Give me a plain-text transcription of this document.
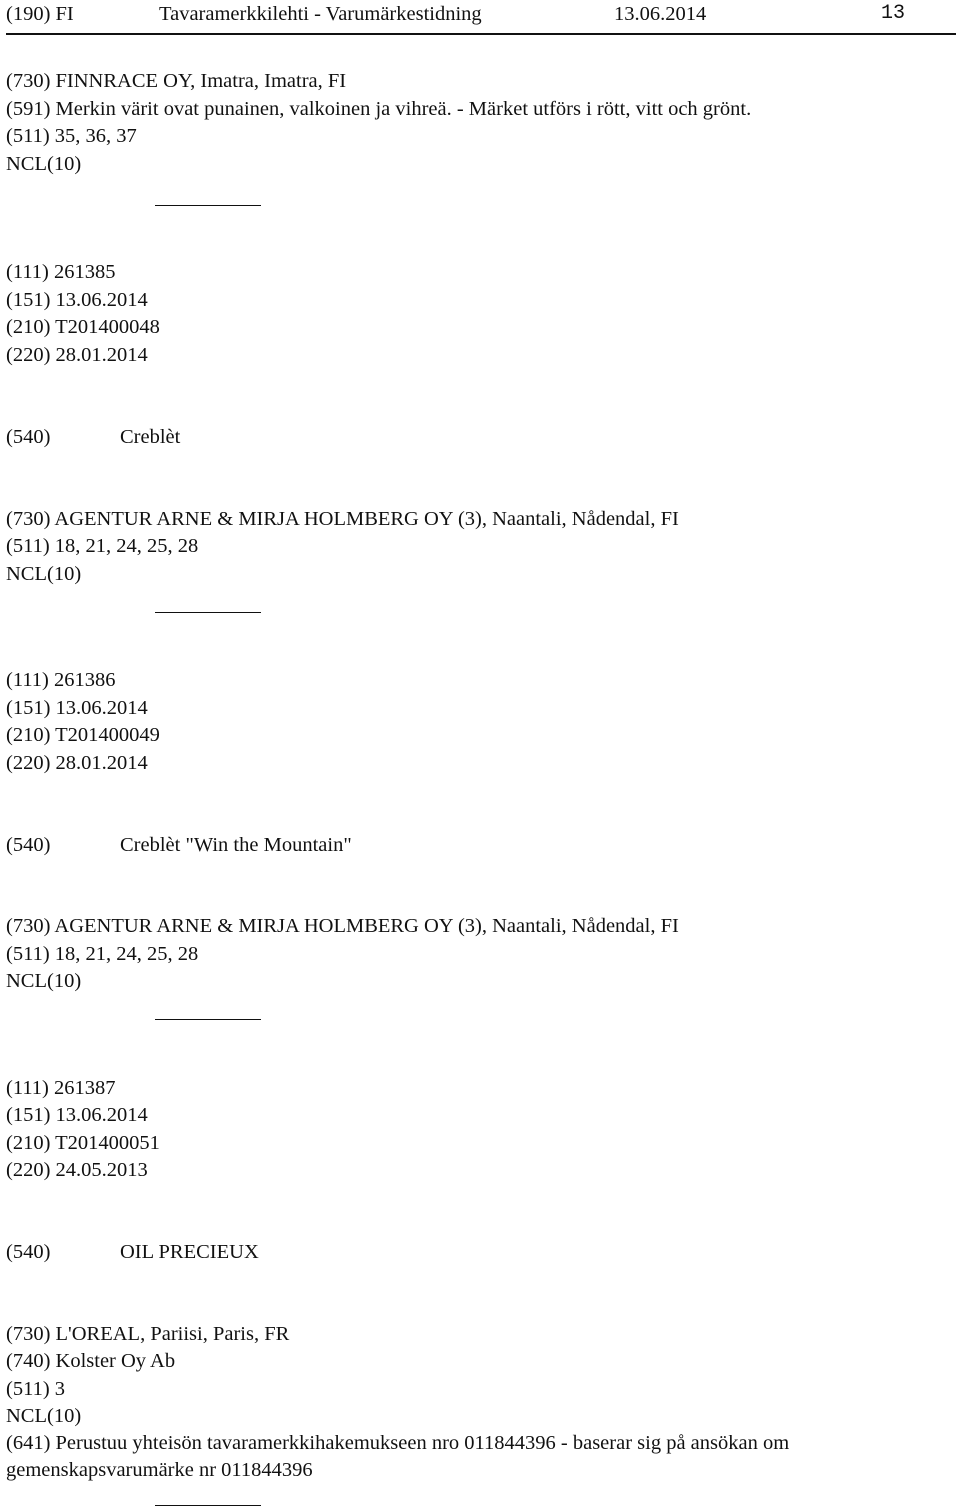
(190) FI	Tavaramerkkilehti - Varumärkestidning	13.06.2014	13
(730) FINNRACE OY, Imatra, Imatra, FI
(591) Merkin värit ovat punainen, valkoinen ja vihreä. - Märket utförs i rött, vitt och grönt.
(511) 35, 36, 37
NCL(10)
(111) 261385
(151) 13.06.2014
(210) T201400048
(220) 28.01.2014
(540)	Creblèt
(730) AGENTUR ARNE & MIRJA HOLMBERG OY (3), Naantali, Nådendal, FI
(511) 18, 21, 24, 25, 28
NCL(10)
(111) 261386
(151) 13.06.2014
(210) T201400049
(220) 28.01.2014
(540)	Creblèt "Win the Mountain"
(730) AGENTUR ARNE & MIRJA HOLMBERG OY (3), Naantali, Nådendal, FI
(511) 18, 21, 24, 25, 28
NCL(10)
(111) 261387
(151) 13.06.2014
(210) T201400051
(220) 24.05.2013
(540)	OIL PRECIEUX
(730) L'OREAL, Pariisi, Paris, FR
(740) Kolster Oy Ab
(511) 3
NCL(10)
(641) Perustuu yhteisön tavaramerkkihakemukseen nro 011844396 - baserar sig på ansökan om
gemenskapsvarumärke nr 011844396
